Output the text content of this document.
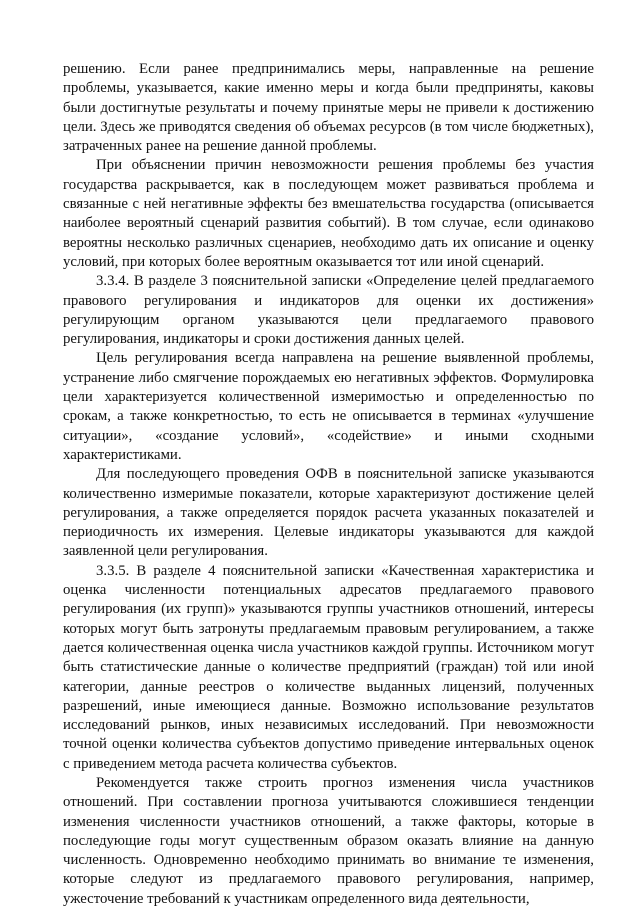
решению. Если ранее предпринимались меры, направленные на решение проблемы, указывается, какие именно меры и когда были предприняты, каковы были достигнутые результаты и почему принятые меры не привели к достижению цели. Здесь же приводятся сведения об объемах ресурсов (в том числе бюджетных), затраченных ранее на решение данной проблемы.

При объяснении причин невозможности решения проблемы без участия государства раскрывается, как в последующем может развиваться проблема и связанные с ней негативные эффекты без вмешательства государства (описывается наиболее вероятный сценарий развития событий). В том случае, если одинаково вероятны несколько различных сценариев, необходимо дать их описание и оценку условий, при которых более вероятным оказывается тот или иной сценарий.

3.3.4. В разделе 3 пояснительной записки «Определение целей предлагаемого правового регулирования и индикаторов для оценки их достижения» регулирующим органом указываются цели предлагаемого правового регулирования, индикаторы и сроки достижения данных целей.

Цель регулирования всегда направлена на решение выявленной проблемы, устранение либо смягчение порождаемых ею негативных эффектов. Формулировка цели характеризуется количественной измеримостью и определенностью по срокам, а также конкретностью, то есть не описывается в терминах «улучшение ситуации», «создание условий», «содействие» и иными сходными характеристиками.

Для последующего проведения ОФВ в пояснительной записке указываются количественно измеримые показатели, которые характеризуют достижение целей регулирования, а также определяется порядок расчета указанных показателей и периодичность их измерения. Целевые индикаторы указываются для каждой заявленной цели регулирования.

3.3.5. В разделе 4 пояснительной записки «Качественная характеристика и оценка численности потенциальных адресатов предлагаемого правового регулирования (их групп)» указываются группы участников отношений, интересы которых могут быть затронуты предлагаемым правовым регулированием, а также дается количественная оценка числа участников каждой группы. Источником могут быть статистические данные о количестве предприятий (граждан) той или иной категории, данные реестров о количестве выданных лицензий, полученных разрешений, иные имеющиеся данные. Возможно использование результатов исследований рынков, иных независимых исследований. При невозможности точной оценки количества субъектов допустимо приведение интервальных оценок с приведением метода расчета количества субъектов.

Рекомендуется также строить прогноз изменения числа участников отношений. При составлении прогноза учитываются сложившиеся тенденции изменения численности участников отношений, а также факторы, которые в последующие годы могут существенным образом оказать влияние на данную численность. Одновременно необходимо принимать во внимание те изменения, которые следуют из предлагаемого правового регулирования, например, ужесточение требований к участникам определенного вида деятельности,
